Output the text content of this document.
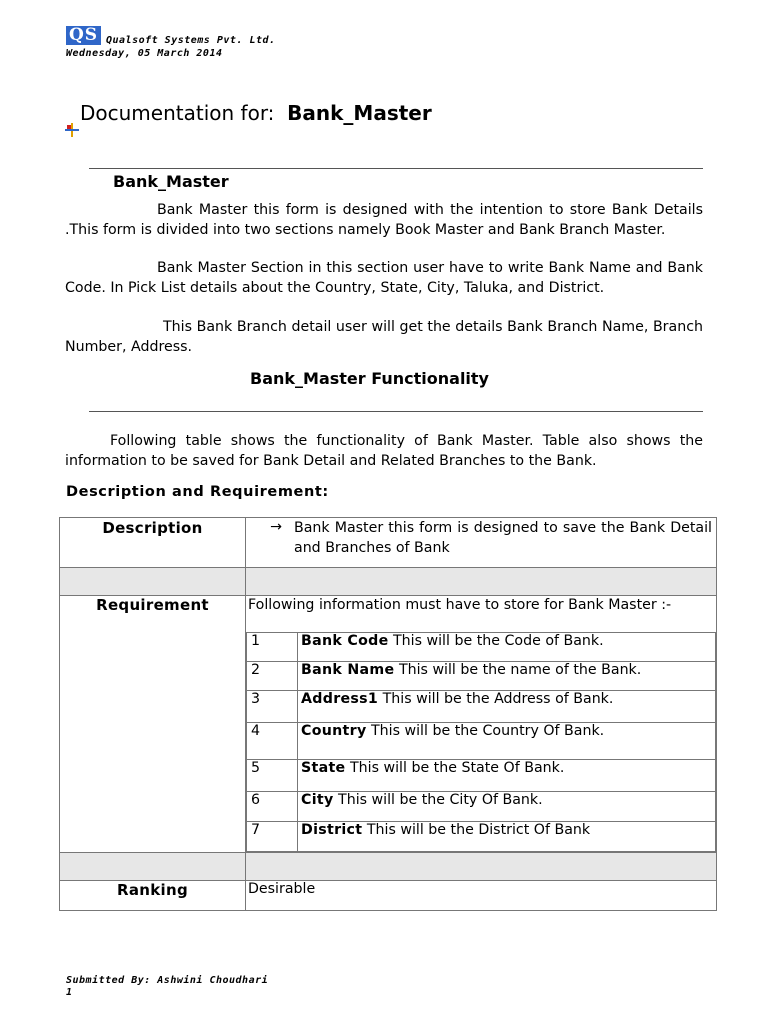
QS Qualsoft Systems Pvt. Ltd.
Wednesday, 05 March 2014
Documentation for: Bank_Master
Bank_Master
Bank Master this form is designed with the intention to store Bank Details .This form is divided into two sections namely Book Master and Bank Branch Master.
Bank Master Section in this section user have to write Bank Name and Bank Code. In Pick List details about the Country, State, City, Taluka, and District.
This Bank Branch detail user will get the details Bank Branch Name, Branch Number, Address.
Bank_Master Functionality
Following table shows the functionality of Bank Master. Table also shows the information to be saved for Bank Detail and Related Branches to the Bank.
Description and Requirement:
Description	→ Bank Master this form is designed to save the Bank Detail and Branches of Bank

Requirement	Following information must have to store for Bank Master :-
1	Bank Code This will be the Code of Bank.
2	Bank Name This will be the name of the Bank.
3	Address1 This will be the Address of Bank.
4	Country This will be the Country Of Bank.
5	State This will be the State Of Bank.
6	City This will be the City Of Bank.
7	District This will be the District Of Bank

Ranking	Desirable
Submitted By: Ashwini Choudhari
1
